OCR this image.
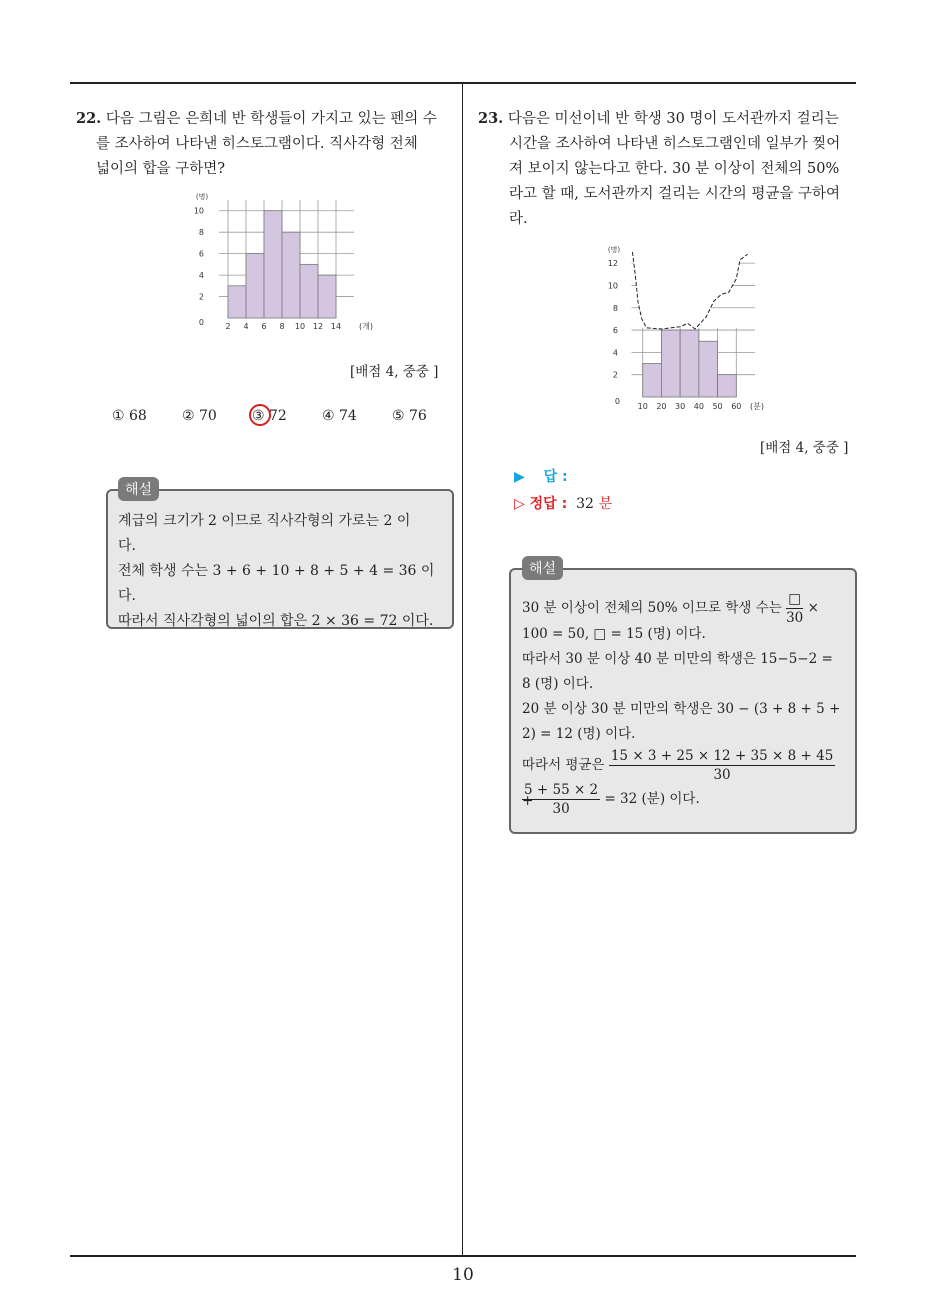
10

22. 다음 그림은 은희네 반 학생들이 가지고 있는 펜의 수

를 조사하여 나타낸 히스토그램이다. 직사각형 전체

넓이의 합을 구하면?

2
4
6
8
10
2 4 6 8 10 12 14 (개)
(명)
0
[배점 4, 중중 ]
① 68	② 70	③ 72	④ 74	⑤ 76
해설
계급의 크기가 2 이므로 직사각형의 가로는 2 이
다.
전체 학생 수는 3 + 6 + 10 + 8 + 5 + 4 = 36 이다.
따라서 직사각형의 넓이의 합은 2 × 36 = 72 이다.

23. 다음은 미선이네 반 학생 30 명이 도서관까지 걸리는

시간을 조사하여 나타낸 히스토그램인데 일부가 찢어

져 보이지 않는다고 한다. 30 분 이상이 전체의 50%

라고 할 때, 도서관까지 걸리는 시간의 평균을 구하여

라.

2
4
6
8
10
12
10 20 30 40 50 60 (분)
(명)
0
[배점 4, 중중 ]
▶ 답 :
▷ 정답 : 32 분
해설
30 분 이상이 전체의 50% 이므로 학생 수는 $\frac{□}{30}$ ×
100 = 50, □ = 15 (명) 이다.
따라서 30 분 이상 40 분 미만의 학생은 15−5−2 =
8 (명) 이다.
20 분 이상 30 분 미만의 학생은 30 − (3 + 8 + 5 +
2) = 12 (명) 이다.
따라서 평균은 $\frac{15 \times 3 + 25 \times 12 + 35 \times 8 + 45}{30}$
+
$\frac{5 + 55 \times 2}{30} = 32$ (분) 이다.
